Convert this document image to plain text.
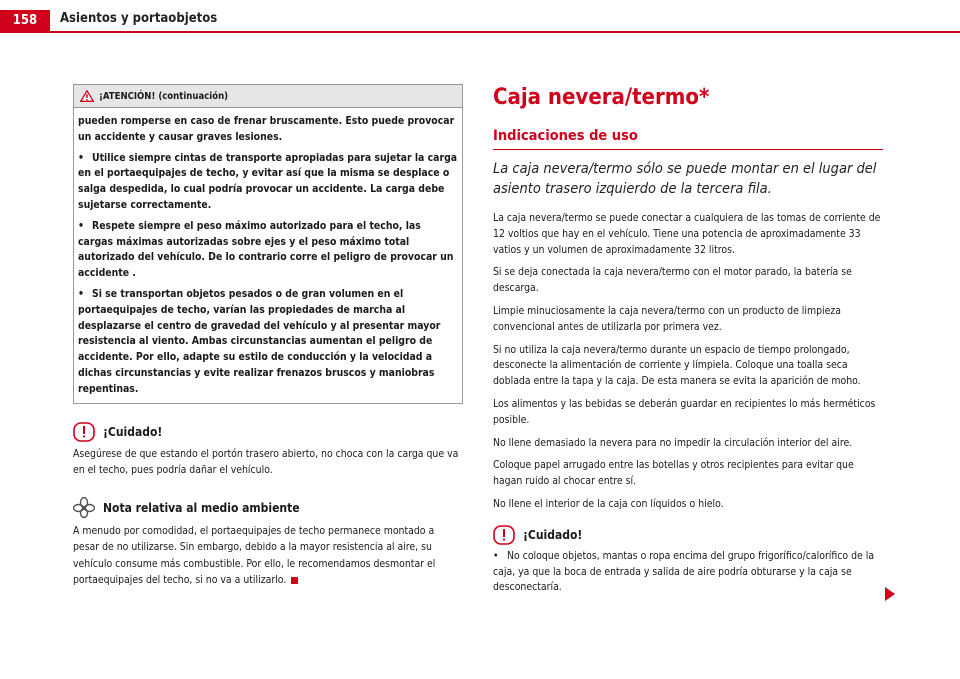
158	Asientos y portaobjetos
¡ATENCIÓN! (continuación)

pueden romperse en caso de frenar bruscamente. Esto puede provocar un accidente y causar graves lesiones.

• Utilice siempre cintas de transporte apropiadas para sujetar la carga en el portaequipajes de techo, y evitar así que la misma se desplace o salga despedida, lo cual podría provocar un accidente. La carga debe sujetarse correctamente.

• Respete siempre el peso máximo autorizado para el techo, las cargas máximas autorizadas sobre ejes y el peso máximo total autorizado del vehículo. De lo contrario corre el peligro de provocar un accidente .

• Si se transportan objetos pesados o de gran volumen en el portaequipajes de techo, varían las propiedades de marcha al desplazarse el centro de gravedad del vehículo y al presentar mayor resistencia al viento. Ambas circunstancias aumentan el peligro de accidente. Por ello, adapte su estilo de conducción y la velocidad a dichas circunstancias y evite realizar frenazos bruscos y maniobras repentinas.

¡Cuidado!

Asegúrese de que estando el portón trasero abierto, no choca con la carga que va en el techo, pues podría dañar el vehículo.

Nota relativa al medio ambiente

A menudo por comodidad, el portaequipajes de techo permanece montado a pesar de no utilizarse. Sin embargo, debido a la mayor resistencia al aire, su vehículo consume más combustible. Por ello, le recomendamos desmontar el portaequipajes del techo, si no va a utilizarlo.

Caja nevera/termo*
Indicaciones de uso

La caja nevera/termo sólo se puede montar en el lugar del asiento trasero izquierdo de la tercera fila.

La caja nevera/termo se puede conectar a cualquiera de las tomas de corriente de 12 voltios que hay en el vehículo. Tiene una potencia de aproximadamente 33 vatios y un volumen de aproximadamente 32 litros.

Si se deja conectada la caja nevera/termo con el motor parado, la batería se descarga.

Limpie minuciosamente la caja nevera/termo con un producto de limpieza convencional antes de utilizarla por primera vez.

Si no utiliza la caja nevera/termo durante un espacio de tiempo prolongado, desconecte la alimentación de corriente y límpiela. Coloque una toalla seca doblada entre la tapa y la caja. De esta manera se evita la aparición de moho.

Los alimentos y las bebidas se deberán guardar en recipientes lo más herméticos posible.

No llene demasiado la nevera para no impedir la circulación interior del aire.

Coloque papel arrugado entre las botellas y otros recipientes para evitar que hagan ruido al chocar entre sí.

No llene el interior de la caja con líquidos o hielo.

¡Cuidado!

• No coloque objetos, mantas o ropa encima del grupo frigorífico/calorífico de la caja, ya que la boca de entrada y salida de aire podría obturarse y la caja se desconectaría.
